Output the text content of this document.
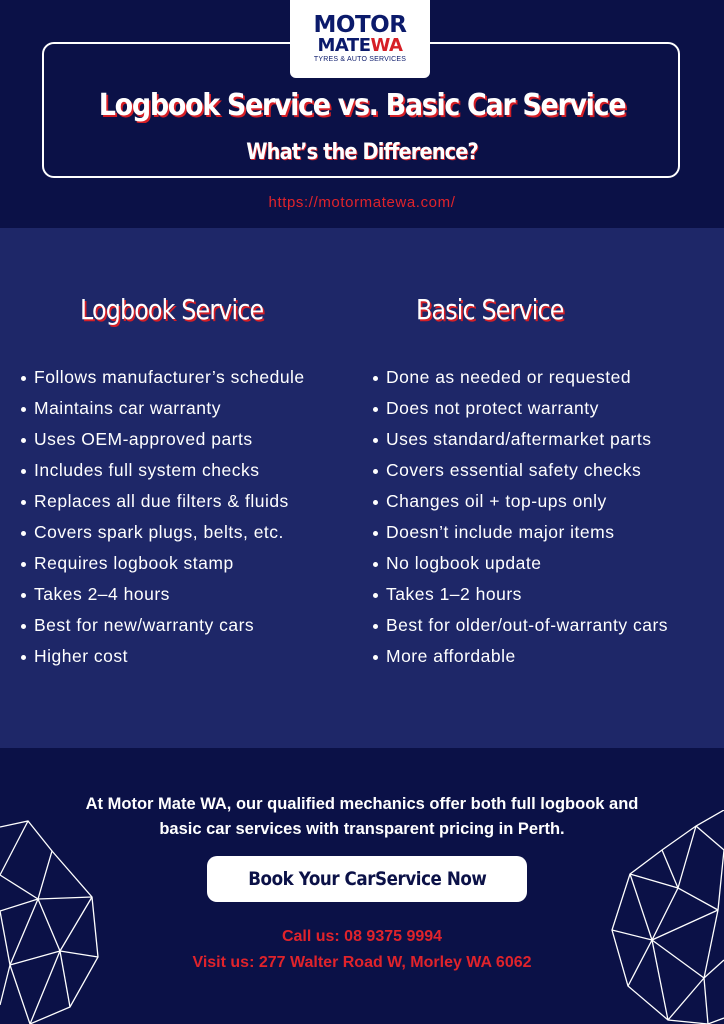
MOTOR
MATEWA
TYRES & AUTO SERVICES
Logbook Service vs. Basic Car Service
What’s the Difference?
https://motormatewa.com/
Logbook Service	Basic Service
Follows manufacturer’s schedule
Maintains car warranty
Uses OEM-approved parts
Includes full system checks
Replaces all due filters & fluids
Covers spark plugs, belts, etc.
Requires logbook stamp
Takes 2–4 hours
Best for new/warranty cars
Higher cost
Done as needed or requested
Does not protect warranty
Uses standard/aftermarket parts
Covers essential safety checks
Changes oil + top-ups only
Doesn’t include major items
No logbook update
Takes 1–2 hours
Best for older/out-of-warranty cars
More affordable
At Motor Mate WA, our qualified mechanics offer both full logbook and
basic car services with transparent pricing in Perth.
Book Your CarService Now
Call us: 08 9375 9994
Visit us: 277 Walter Road W, Morley WA 6062
